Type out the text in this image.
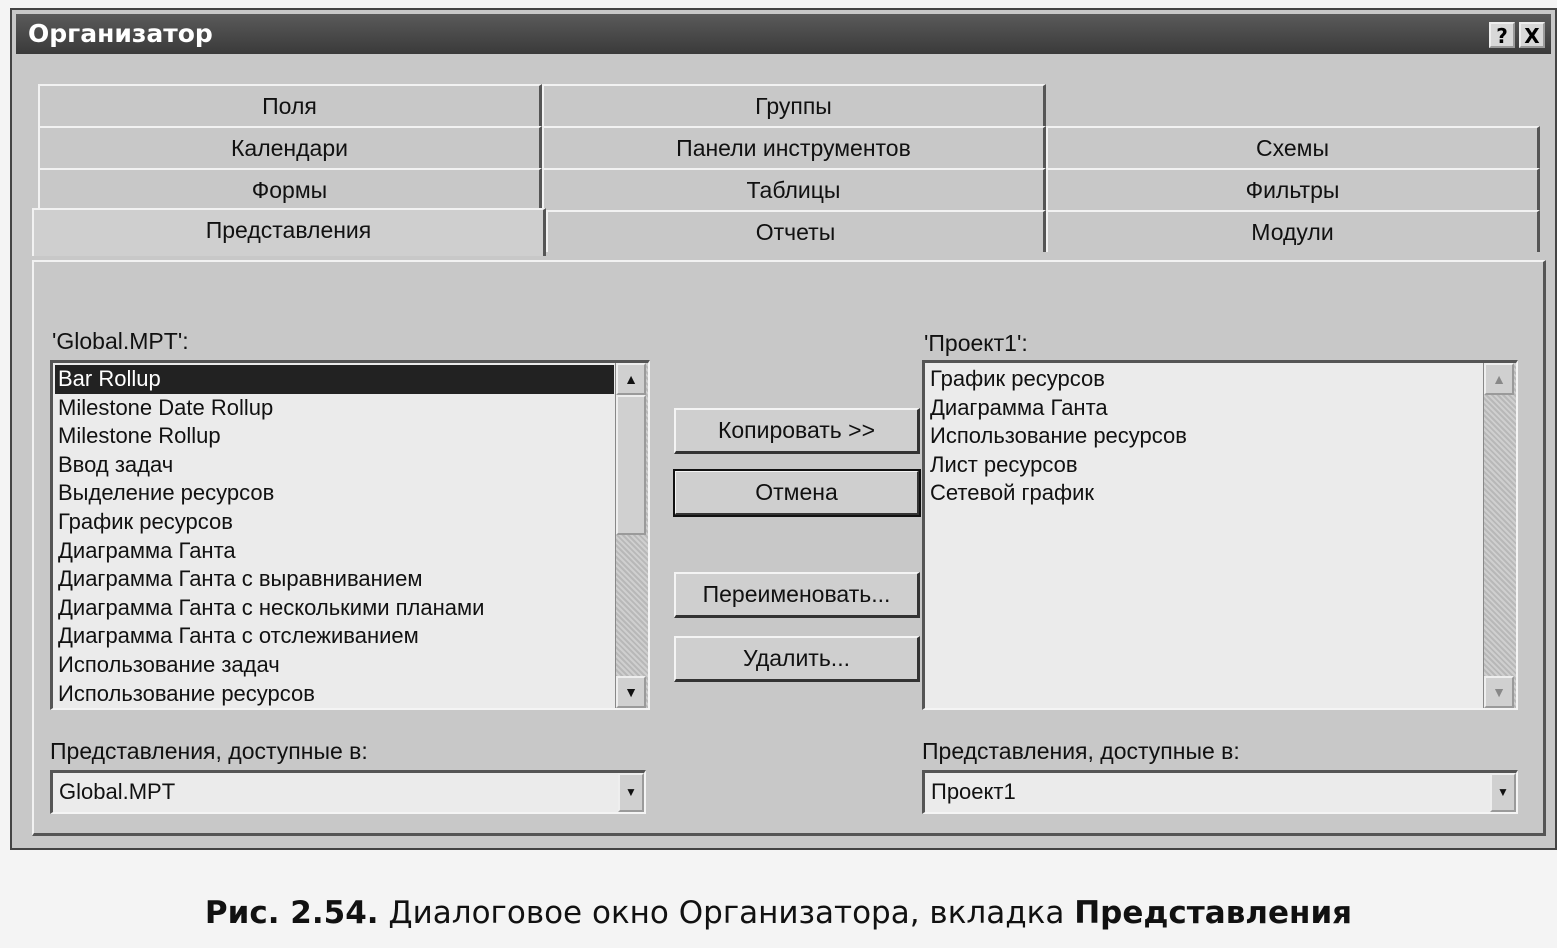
Организатор	? X
Поля	Группы
Календари	Панели инструментов	Схемы
Формы	Таблицы	Фильтры
Представления	Отчеты	Модули
'Global.MPT':
Bar Rollup
Milestone Date Rollup
Milestone Rollup
Ввод задач
Выделение ресурсов
График ресурсов
Диаграмма Ганта
Диаграмма Ганта с выравниванием
Диаграмма Ганта с несколькими планами
Диаграмма Ганта с отслеживанием
Использование задач
Использование ресурсов
▲
▼
Копировать >>
Отмена
Переименовать...
Удалить...
'Проект1':
График ресурсов
Диаграмма Ганта
Использование ресурсов
Лист ресурсов
Сетевой график
▲
▼
Представления, доступные в:
Global.MPT	▼
Представления, доступные в:
Проект1	▼
Рис. 2.54. Диалоговое окно Организатора, вкладка Представления
